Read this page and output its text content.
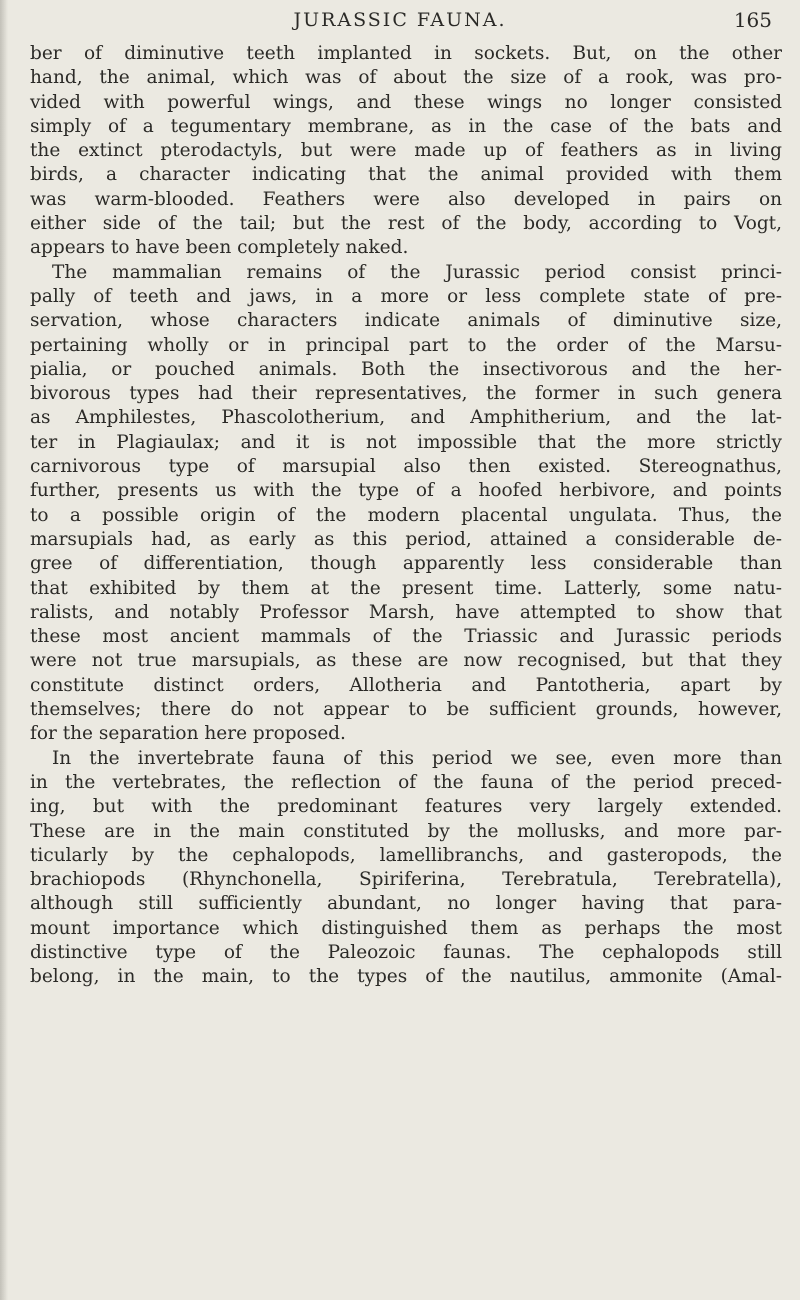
JURASSIC FAUNA.	165
ber of diminutive teeth implanted in sockets. But, on the other
hand, the animal, which was of about the size of a rook, was pro-
vided with powerful wings, and these wings no longer consisted
simply of a tegumentary membrane, as in the case of the bats and
the extinct pterodactyls, but were made up of feathers as in living
birds, a character indicating that the animal provided with them
was warm-blooded. Feathers were also developed in pairs on
either side of the tail; but the rest of the body, according to Vogt,
appears to have been completely naked.
The mammalian remains of the Jurassic period consist princi-
pally of teeth and jaws, in a more or less complete state of pre-
servation, whose characters indicate animals of diminutive size,
pertaining wholly or in principal part to the order of the Marsu-
pialia, or pouched animals. Both the insectivorous and the her-
bivorous types had their representatives, the former in such genera
as Amphilestes, Phascolotherium, and Amphitherium, and the lat-
ter in Plagiaulax; and it is not impossible that the more strictly
carnivorous type of marsupial also then existed. Stereognathus,
further, presents us with the type of a hoofed herbivore, and points
to a possible origin of the modern placental ungulata. Thus, the
marsupials had, as early as this period, attained a considerable de-
gree of differentiation, though apparently less considerable than
that exhibited by them at the present time. Latterly, some natu-
ralists, and notably Professor Marsh, have attempted to show that
these most ancient mammals of the Triassic and Jurassic periods
were not true marsupials, as these are now recognised, but that they
constitute distinct orders, Allotheria and Pantotheria, apart by
themselves; there do not appear to be sufficient grounds, however,
for the separation here proposed.
In the invertebrate fauna of this period we see, even more than
in the vertebrates, the reflection of the fauna of the period preced-
ing, but with the predominant features very largely extended.
These are in the main constituted by the mollusks, and more par-
ticularly by the cephalopods, lamellibranchs, and gasteropods, the
brachiopods (Rhynchonella, Spiriferina, Terebratula, Terebratella),
although still sufficiently abundant, no longer having that para-
mount importance which distinguished them as perhaps the most
distinctive type of the Paleozoic faunas. The cephalopods still
belong, in the main, to the types of the nautilus, ammonite (Amal-
